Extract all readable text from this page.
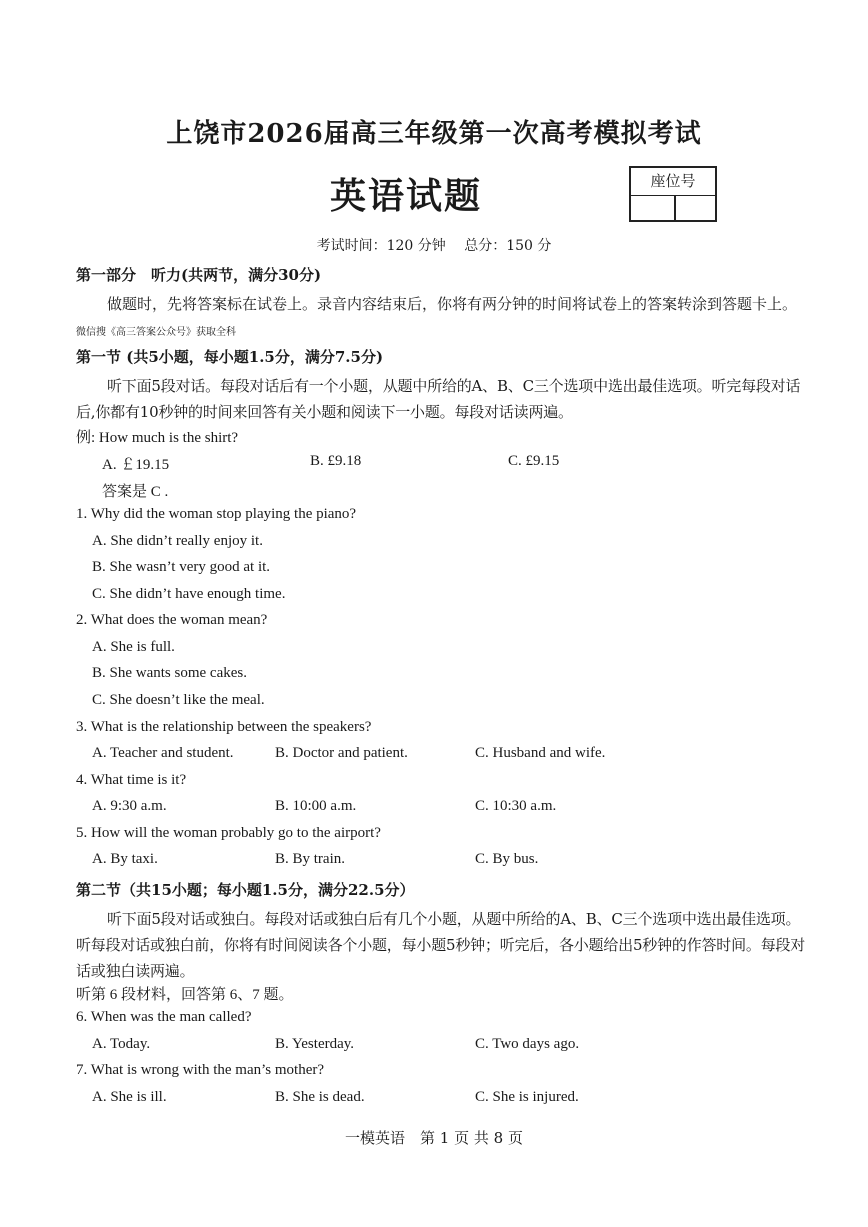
上饶市2026届高三年级第一次高考模拟考试
英语试题	座位号
考试时间：120 分钟　 总分：150 分
第一部分　听力(共两节，满分30分)
做题时，先将答案标在试卷上。录音内容结束后，你将有两分钟的时间将试卷上的答案转涂到答题卡上。微信搜《高三答案公众号》获取全科
第一节 (共5小题，每小题1.5分，满分7.5分)
听下面5段对话。每段对话后有一个小题，从题中所给的A、B、C三个选项中选出最佳选项。听完每段对话后,你都有10秒钟的时间来回答有关小题和阅读下一小题。每段对话读两遍。
例: How much is the shirt?
A. ￡19.15	B. £9.18	C. £9.15
答案是 C .
1. Why did the woman stop playing the piano?
A. She didn’t really enjoy it.
B. She wasn’t very good at it.
C. She didn’t have enough time.
2. What does the woman mean?
A. She is full.
B. She wants some cakes.
C. She doesn’t like the meal.
3. What is the relationship between the speakers?
A. Teacher and student.	B. Doctor and patient.	C. Husband and wife.
4. What time is it?
A. 9:30 a.m.	B. 10:00 a.m.	C. 10:30 a.m.
5. How will the woman probably go to the airport?
A. By taxi.	B. By train.	C. By bus.
第二节（共15小题；每小题1.5分，满分22.5分）
听下面5段对话或独白。每段对话或独白后有几个小题，从题中所给的A、B、C三个选项中选出最佳选项。听每段对话或独白前，你将有时间阅读各个小题，每小题5秒钟；听完后，各小题给出5秒钟的作答时间。每段对话或独白读两遍。
听第 6 段材料，回答第 6、7 题。
6. When was the man called?
A. Today.	B. Yesterday.	C. Two days ago.
7. What is wrong with the man’s mother?
A. She is ill.	B. She is dead.	C. She is injured.
一模英语　第 1 页 共 8 页
